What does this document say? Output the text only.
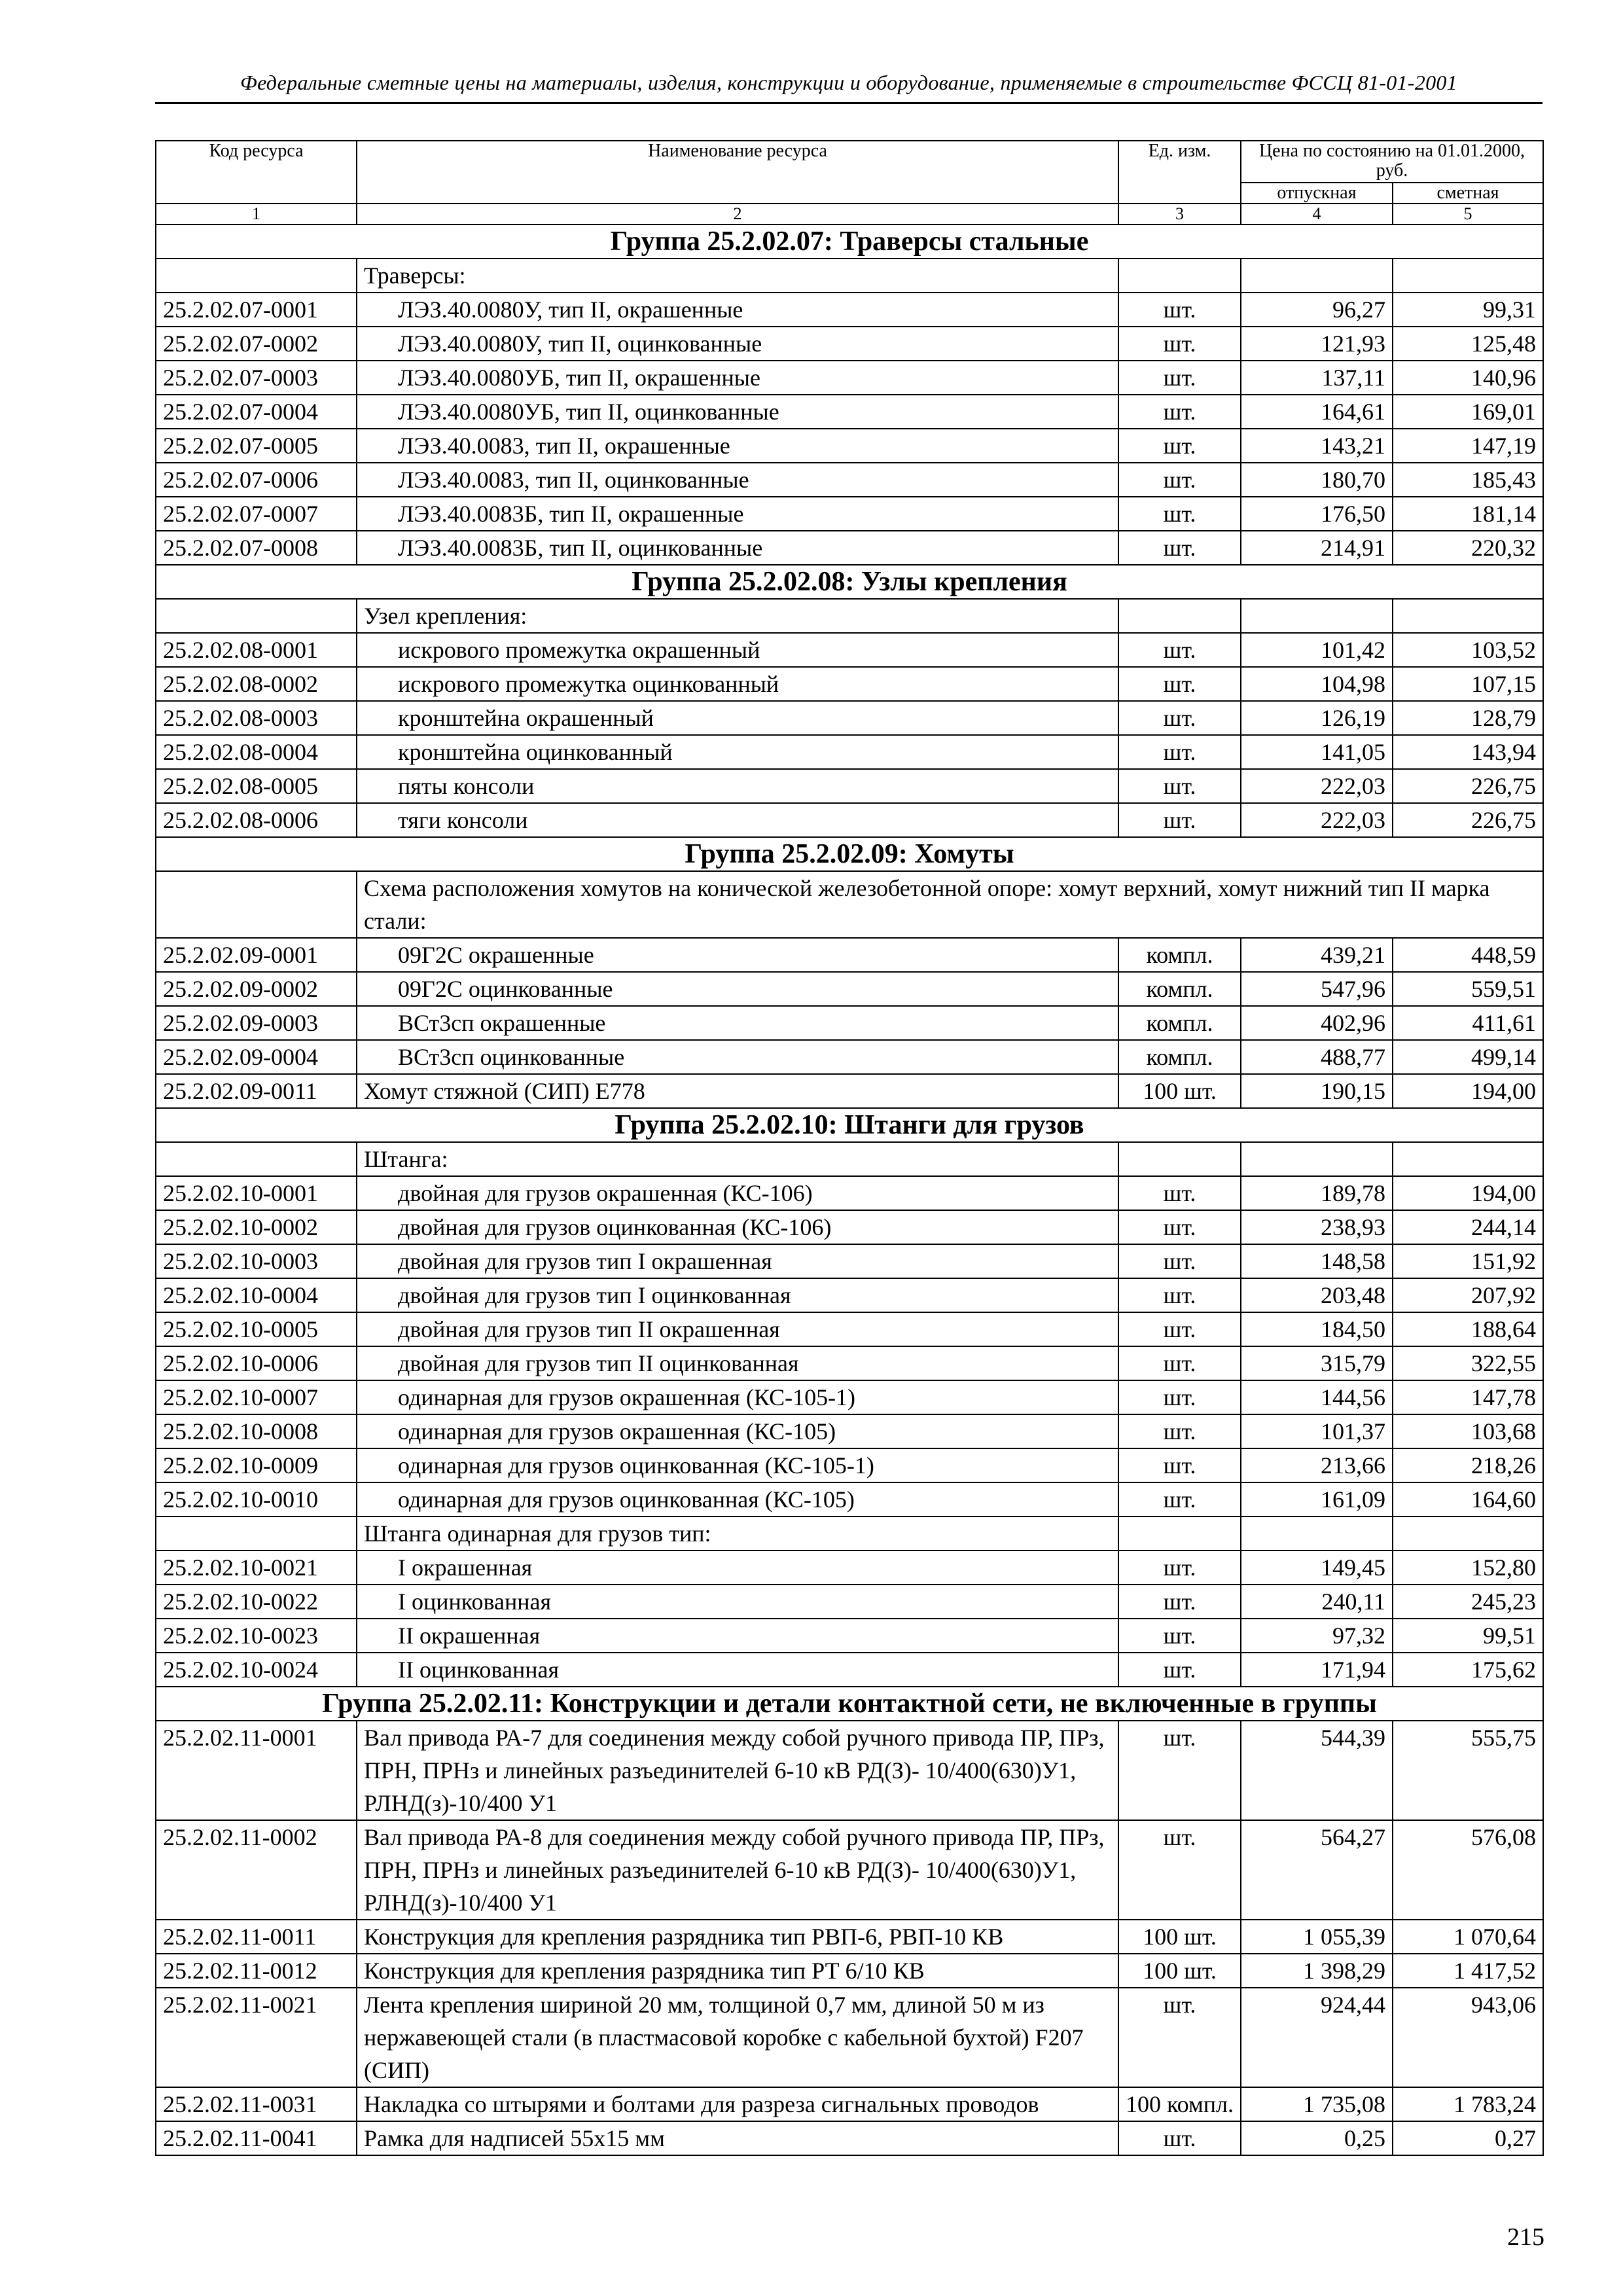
Федеральные сметные цены на материалы, изделия, конструкции и оборудование, применяемые в строительстве ФССЦ 81-01-2001
Код ресурса	Наименование ресурса	Ед. изм.	Цена по состоянию на 01.01.2000, руб.	
			отпускная	сметная
1	2	3	4	5
Группа 25.2.02.07: Траверсы стальные				
	Траверсы:			
25.2.02.07-0001	ЛЭЗ.40.0080У, тип II, окрашенные	шт.	96,27	99,31
25.2.02.07-0002	ЛЭЗ.40.0080У, тип II, оцинкованные	шт.	121,93	125,48
25.2.02.07-0003	ЛЭЗ.40.0080УБ, тип II, окрашенные	шт.	137,11	140,96
25.2.02.07-0004	ЛЭЗ.40.0080УБ, тип II, оцинкованные	шт.	164,61	169,01
25.2.02.07-0005	ЛЭЗ.40.0083, тип II, окрашенные	шт.	143,21	147,19
25.2.02.07-0006	ЛЭЗ.40.0083, тип II, оцинкованные	шт.	180,70	185,43
25.2.02.07-0007	ЛЭЗ.40.0083Б, тип II, окрашенные	шт.	176,50	181,14
25.2.02.07-0008	ЛЭЗ.40.0083Б, тип II, оцинкованные	шт.	214,91	220,32
Группа 25.2.02.08: Узлы крепления				
	Узел крепления:			
25.2.02.08-0001	искрового промежутка окрашенный	шт.	101,42	103,52
25.2.02.08-0002	искрового промежутка оцинкованный	шт.	104,98	107,15
25.2.02.08-0003	кронштейна окрашенный	шт.	126,19	128,79
25.2.02.08-0004	кронштейна оцинкованный	шт.	141,05	143,94
25.2.02.08-0005	пяты консоли	шт.	222,03	226,75
25.2.02.08-0006	тяги консоли	шт.	222,03	226,75
Группа 25.2.02.09: Хомуты				
	Схема расположения хомутов на конической железобетонной опоре: хомут верхний, хомут нижний тип II марка стали:			
25.2.02.09-0001	09Г2С окрашенные	компл.	439,21	448,59
25.2.02.09-0002	09Г2С оцинкованные	компл.	547,96	559,51
25.2.02.09-0003	ВСт3сп окрашенные	компл.	402,96	411,61
25.2.02.09-0004	ВСт3сп оцинкованные	компл.	488,77	499,14
25.2.02.09-0011	Хомут стяжной (СИП) Е778	100 шт.	190,15	194,00
Группа 25.2.02.10: Штанги для грузов				
	Штанга:			
25.2.02.10-0001	двойная для грузов окрашенная (КС-106)	шт.	189,78	194,00
25.2.02.10-0002	двойная для грузов оцинкованная (КС-106)	шт.	238,93	244,14
25.2.02.10-0003	двойная для грузов тип I окрашенная	шт.	148,58	151,92
25.2.02.10-0004	двойная для грузов тип I оцинкованная	шт.	203,48	207,92
25.2.02.10-0005	двойная для грузов тип II окрашенная	шт.	184,50	188,64
25.2.02.10-0006	двойная для грузов тип II оцинкованная	шт.	315,79	322,55
25.2.02.10-0007	одинарная для грузов окрашенная (КС-105-1)	шт.	144,56	147,78
25.2.02.10-0008	одинарная для грузов окрашенная (КС-105)	шт.	101,37	103,68
25.2.02.10-0009	одинарная для грузов оцинкованная (КС-105-1)	шт.	213,66	218,26
25.2.02.10-0010	одинарная для грузов оцинкованная (КС-105)	шт.	161,09	164,60
	Штанга одинарная для грузов тип:			
25.2.02.10-0021	I окрашенная	шт.	149,45	152,80
25.2.02.10-0022	I оцинкованная	шт.	240,11	245,23
25.2.02.10-0023	II окрашенная	шт.	97,32	99,51
25.2.02.10-0024	II оцинкованная	шт.	171,94	175,62
Группа 25.2.02.11: Конструкции и детали контактной сети, не включенные в группы				
25.2.02.11-0001	Вал привода РА-7 для соединения между собой ручного привода ПР, ПРз, ПРН, ПРНз и линейных разъединителей 6-10 кВ РД(З)- 10/400(630)У1, РЛНД(з)-10/400 У1	шт.	544,39	555,75
25.2.02.11-0002	Вал привода РА-8 для соединения между собой ручного привода ПР, ПРз, ПРН, ПРНз и линейных разъединителей 6-10 кВ РД(З)- 10/400(630)У1, РЛНД(з)-10/400 У1	шт.	564,27	576,08
25.2.02.11-0011	Конструкция для крепления разрядника тип РВП-6, РВП-10 КВ	100 шт.	1 055,39	1 070,64
25.2.02.11-0012	Конструкция для крепления разрядника тип РТ 6/10 КВ	100 шт.	1 398,29	1 417,52
25.2.02.11-0021	Лента крепления шириной 20 мм, толщиной 0,7 мм, длиной 50 м из нержавеющей стали (в пластмасовой коробке с кабельной бухтой) F207 (СИП)	шт.	924,44	943,06
25.2.02.11-0031	Накладка со штырями и болтами для разреза сигнальных проводов	100 компл.	1 735,08	1 783,24
25.2.02.11-0041	Рамка для надписей 55х15 мм	шт.	0,25	0,27
215
